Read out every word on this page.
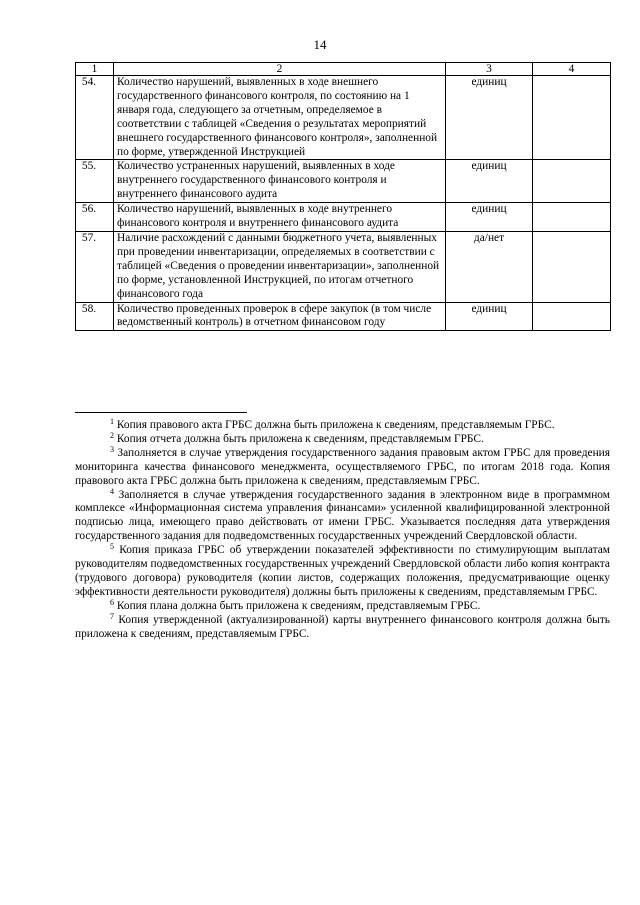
14
1	2	3	4
54.	Количество нарушений, выявленных в ходе внешнего государственного финансового контроля, по состоянию на 1 января года, следующего за отчетным, определяемое в соответствии с таблицей «Сведения о результатах мероприятий внешнего государственного финансового контроля», заполненной по форме, утвержденной Инструкцией	единиц	
55.	Количество устраненных нарушений, выявленных в ходе внутреннего государственного финансового контроля и внутреннего финансового аудита	единиц	
56.	Количество нарушений, выявленных в ходе внутреннего финансового контроля и внутреннего финансового аудита	единиц	
57.	Наличие расхождений с данными бюджетного учета, выявленных при проведении инвентаризации, определяемых в соответствии с таблицей «Сведения о проведении инвентаризации», заполненной по форме, установленной Инструкцией, по итогам отчетного финансового года	да/нет	
58.	Количество проведенных проверок в сфере закупок (в том числе ведомственный контроль) в отчетном финансовом году	единиц	

$^1$ Копия правового акта ГРБС должна быть приложена к сведениям, представляемым ГРБС.

$^2$ Копия отчета должна быть приложена к сведениям, представляемым ГРБС.

$^3$ Заполняется в случае утверждения государственного задания правовым актом ГРБС для проведения мониторинга качества финансового менеджмента, осуществляемого ГРБС, по итогам 2018 года. Копия правового акта ГРБС должна быть приложена к сведениям, представляемым ГРБС.

$^4$ Заполняется в случае утверждения государственного задания в электронном виде в программном комплексе «Информационная система управления финансами» усиленной квалифицированной электронной подписью лица, имеющего право действовать от имени ГРБС. Указывается последняя дата утверждения государственного задания для подведомственных государственных учреждений Свердловской области.

$^5$ Копия приказа ГРБС об утверждении показателей эффективности по стимулирующим выплатам руководителям подведомственных государственных учреждений Свердловской области либо копия контракта (трудового договора) руководителя (копии листов, содержащих положения, предусматривающие оценку эффективности деятельности руководителя) должны быть приложены к сведениям, представляемым ГРБС.

$^6$ Копия плана должна быть приложена к сведениям, представляемым ГРБС.

$^7$ Копия утвержденной (актуализированной) карты внутреннего финансового контроля должна быть приложена к сведениям, представляемым ГРБС.
